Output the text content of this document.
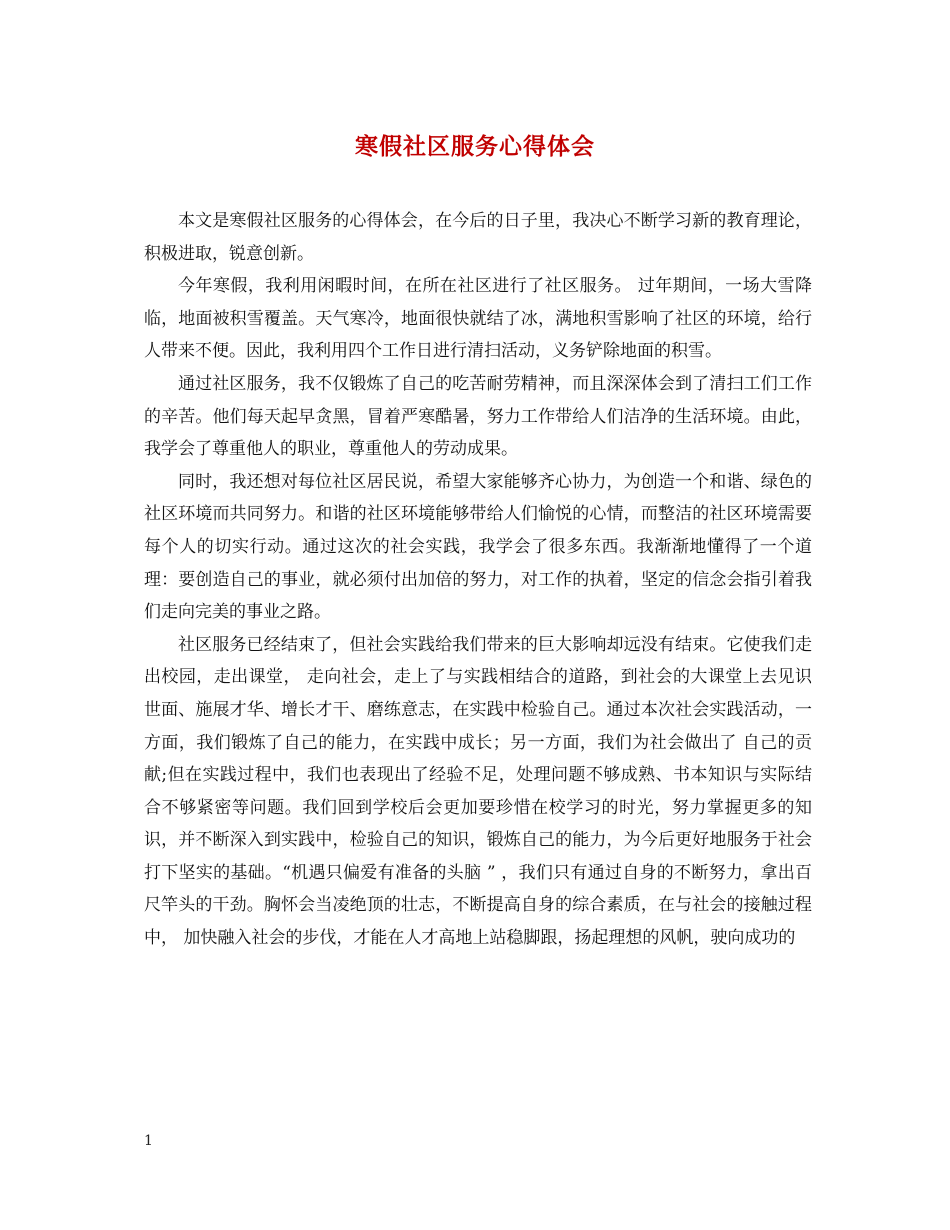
寒假社区服务心得体会

本文是寒假社区服务的心得体会，在今后的日子里，我决心不断学习新的教育理论，积极进取，锐意创新。

今年寒假，我利用闲暇时间，在所在社区进行了社区服务。 过年期间，一场大雪降临，地面被积雪覆盖。天气寒冷，地面很快就结了冰，满地积雪影响了社区的环境，给行人带来不便。因此，我利用四个工作日进行清扫活动，义务铲除地面的积雪。

通过社区服务，我不仅锻炼了自己的吃苦耐劳精神，而且深深体会到了清扫工们工作的辛苦。他们每天起早贪黑，冒着严寒酷暑，努力工作带给人们洁净的生活环境。由此，我学会了尊重他人的职业，尊重他人的劳动成果。

同时，我还想对每位社区居民说，希望大家能够齐心协力，为创造一个和谐、绿色的社区环境而共同努力。和谐的社区环境能够带给人们愉悦的心情，而整洁的社区环境需要每个人的切实行动。通过这次的社会实践，我学会了很多东西。我渐渐地懂得了一个道理：要创造自己的事业，就必须付出加倍的努力，对工作的执着，坚定的信念会指引着我们走向完美的事业之路。

社区服务已经结束了，但社会实践给我们带来的巨大影响却远没有结束。它使我们走出校园，走出课堂， 走向社会，走上了与实践相结合的道路，到社会的大课堂上去见识世面、施展才华、增长才干、磨练意志，在实践中检验自己。通过本次社会实践活动，一方面，我们锻炼了自己的能力，在实践中成长；另一方面，我们为社会做出了 自己的贡献;但在实践过程中，我们也表现出了经验不足，处理问题不够成熟、书本知识与实际结合不够紧密等问题。我们回到学校后会更加要珍惜在校学习的时光，努力掌握更多的知识，并不断深入到实践中，检验自己的知识，锻炼自己的能力，为今后更好地服务于社会打下坚实的基础。“机遇只偏爱有准备的头脑 ” ，我们只有通过自身的不断努力，拿出百尺竿头的干劲。胸怀会当凌绝顶的壮志，不断提高自身的综合素质，在与社会的接触过程中， 加快融入社会的步伐，才能在人才高地上站稳脚跟，扬起理想的风帆，驶向成功的

1
